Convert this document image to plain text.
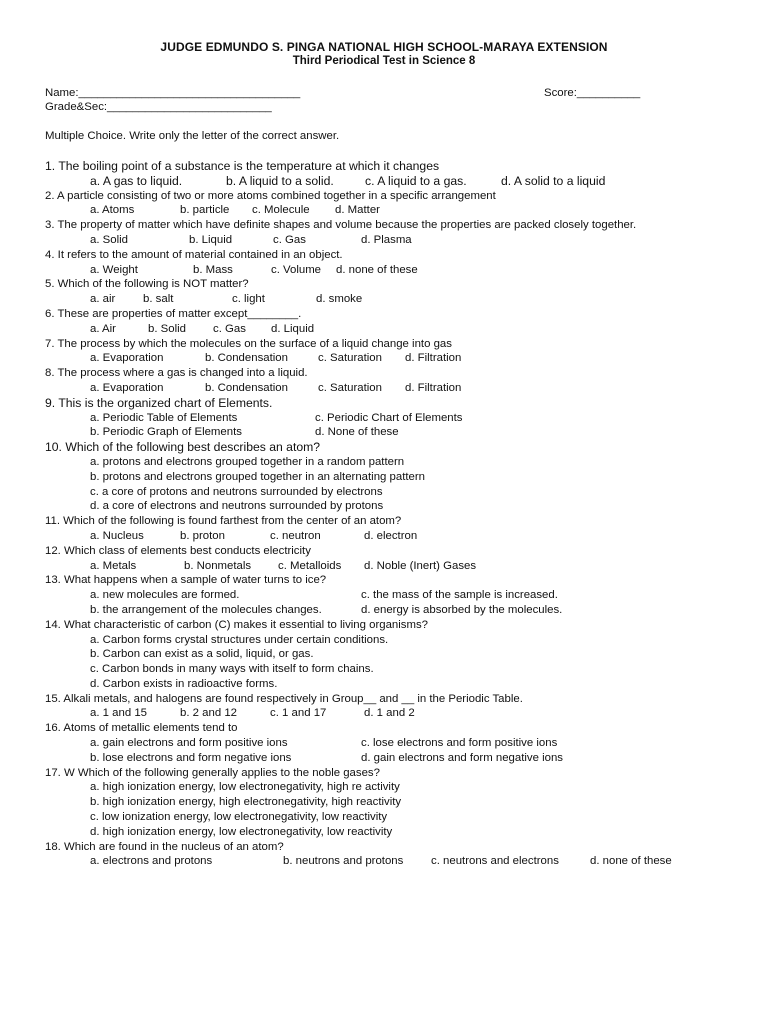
JUDGE EDMUNDO S. PINGA NATIONAL HIGH SCHOOL-MARAYA EXTENSION
Third Periodical Test in Science 8
Name:___________________________________
Grade&Sec:__________________________
Score:__________
Multiple Choice. Write only the letter of the correct answer.
1. The boiling point of a substance is the temperature at which it changes
a. A gas to liquid.	b. A liquid to a solid.	c. A liquid to a gas.	d. A solid to a liquid
2. A particle consisting of two or more atoms combined together in a specific arrangement
a. Atoms	b. particle c. Molecule d. Matter
3. The property of matter which have definite shapes and volume because the properties are packed closely together.
a. Solid	b. Liquid	c. Gas	d. Plasma
4. It refers to the amount of material contained in an object.
a. Weight	b. Mass	c. Volume d. none of these
5. Which of the following is NOT matter?
a. air b. salt	c. light	d. smoke
6. These are properties of matter except________.
a. Air	b. Solid c. Gas d. Liquid
7. The process by which the molecules on the surface of a liquid change into gas
a. Evaporation	b. Condensation	c. Saturation d. Filtration
8. The process where a gas is changed into a liquid.
a. Evaporation	b. Condensation	c. Saturation d. Filtration
9. This is the organized chart of Elements.
a. Periodic Table of Elements	c. Periodic Chart of Elements
b. Periodic Graph of Elements	d. None of these
10. Which of the following best describes an atom?
a. protons and electrons grouped together in a random pattern
b. protons and electrons grouped together in an alternating pattern
c. a core of protons and neutrons surrounded by electrons
d. a core of electrons and neutrons surrounded by protons
11. Which of the following is found farthest from the center of an atom?
a. Nucleus	b. proton	c. neutron	d. electron
12. Which class of elements best conducts electricity
a. Metals	b. Nonmetals c. Metalloids d. Noble (Inert) Gases
13. What happens when a sample of water turns to ice?
a. new molecules are formed.	c. the mass of the sample is increased.
b. the arrangement of the molecules changes.	d. energy is absorbed by the molecules.
14. What characteristic of carbon (C) makes it essential to living organisms?
a. Carbon forms crystal structures under certain conditions.
b. Carbon can exist as a solid, liquid, or gas.
c. Carbon bonds in many ways with itself to form chains.
d. Carbon exists in radioactive forms.
15. Alkali metals, and halogens are found respectively in Group__ and __ in the Periodic Table.
a. 1 and 15	b. 2 and 12	c. 1 and 17	d. 1 and 2
16. Atoms of metallic elements tend to
a. gain electrons and form positive ions	c. lose electrons and form positive ions
b. lose electrons and form negative ions	d. gain electrons and form negative ions
17. W Which of the following generally applies to the noble gases?
a. high ionization energy, low electronegativity, high re activity
b. high ionization energy, high electronegativity, high reactivity
c. low ionization energy, low electronegativity, low reactivity
d. high ionization energy, low electronegativity, low reactivity
18. Which are found in the nucleus of an atom?
a. electrons and protons	b. neutrons and protons c. neutrons and electrons	d. none of these
